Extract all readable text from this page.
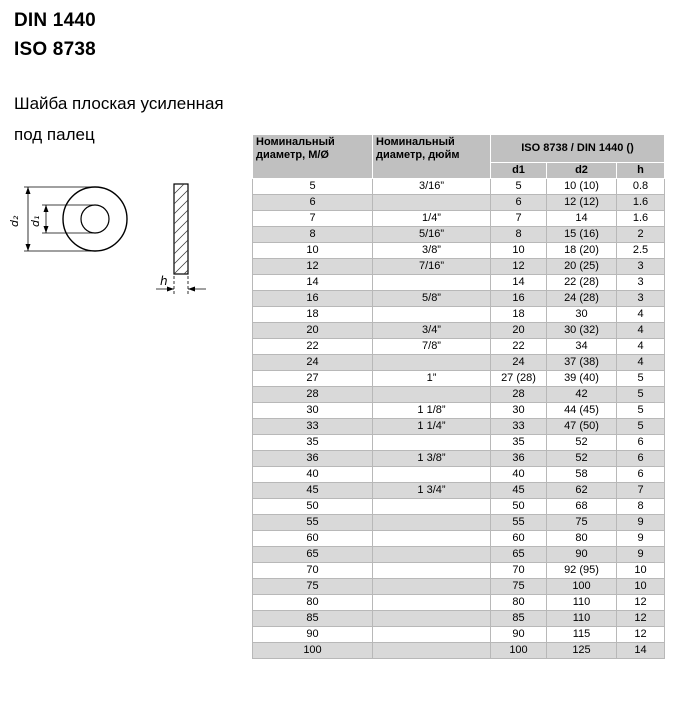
DIN 1440
ISO 8738
Шайба плоская усиленная
под палец
d₂ d₁
h
Номинальный диаметр, M/Ø	Номинальный диаметр, дюйм	ISO 8738 / DIN 1440 ()		
		d1	d2	h
5	3/16”	5	10 (10)	0.8
6		6	12 (12)	1.6
7	1/4”	7	14	1.6
8	5/16”	8	15 (16)	2
10	3/8”	10	18 (20)	2.5
12	7/16”	12	20 (25)	3
14		14	22 (28)	3
16	5/8”	16	24 (28)	3
18		18	30	4
20	3/4”	20	30 (32)	4
22	7/8”	22	34	4
24		24	37 (38)	4
27	1”	27 (28)	39 (40)	5
28		28	42	5
30	1 1/8”	30	44 (45)	5
33	1 1/4”	33	47 (50)	5
35		35	52	6
36	1 3/8”	36	52	6
40		40	58	6
45	1 3/4”	45	62	7
50		50	68	8
55		55	75	9
60		60	80	9
65		65	90	9
70		70	92 (95)	10
75		75	100	10
80		80	110	12
85		85	110	12
90		90	115	12
100		100	125	14
